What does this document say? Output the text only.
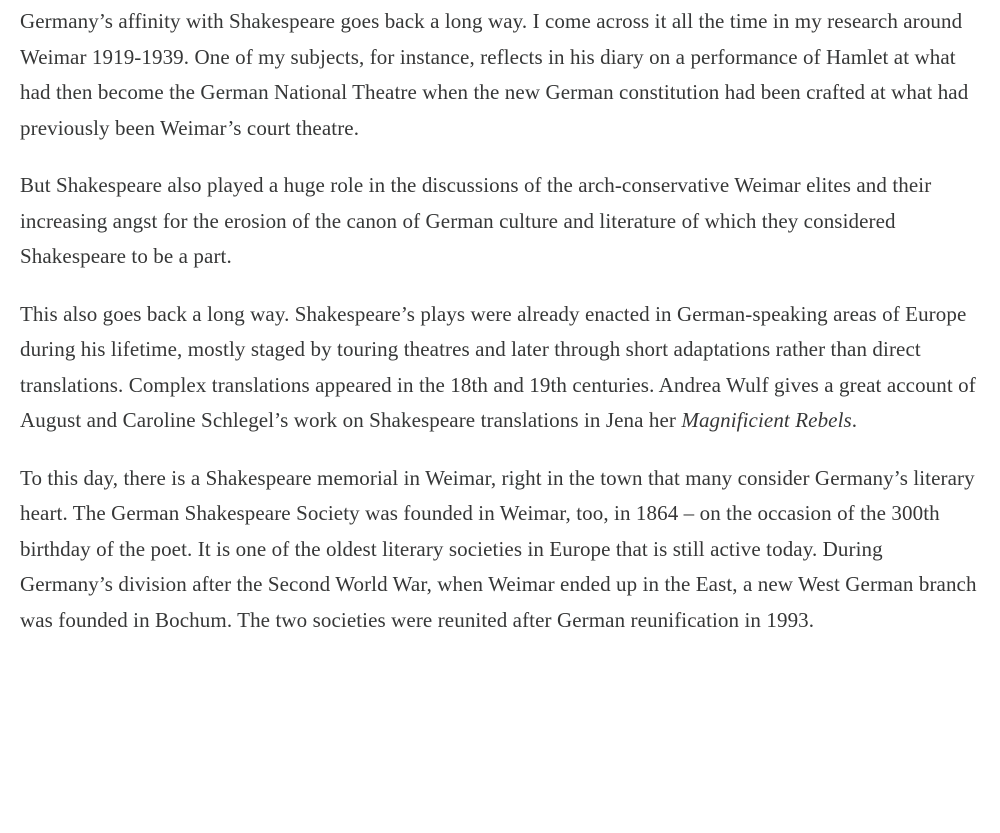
Germany’s affinity with Shakespeare goes back a long way. I come across it all the time in my research around Weimar 1919-1939. One of my subjects, for instance, reflects in his diary on a performance of Hamlet at what had then become the German National Theatre when the new German constitution had been crafted at what had previously been Weimar’s court theatre.

But Shakespeare also played a huge role in the discussions of the arch-conservative Weimar elites and their increasing angst for the erosion of the canon of German culture and literature of which they considered Shakespeare to be a part.

This also goes back a long way. Shakespeare’s plays were already enacted in German-speaking areas of Europe during his lifetime, mostly staged by touring theatres and later through short adaptations rather than direct translations. Complex translations appeared in the 18th and 19th centuries. Andrea Wulf gives a great account of August and Caroline Schlegel’s work on Shakespeare translations in Jena her Magnificient Rebels.

To this day, there is a Shakespeare memorial in Weimar, right in the town that many consider Germany’s literary heart. The German Shakespeare Society was founded in Weimar, too, in 1864 – on the occasion of the 300th birthday of the poet. It is one of the oldest literary societies in Europe that is still active today. During Germany’s division after the Second World War, when Weimar ended up in the East, a new West German branch was founded in Bochum. The two societies were reunited after German reunification in 1993.
